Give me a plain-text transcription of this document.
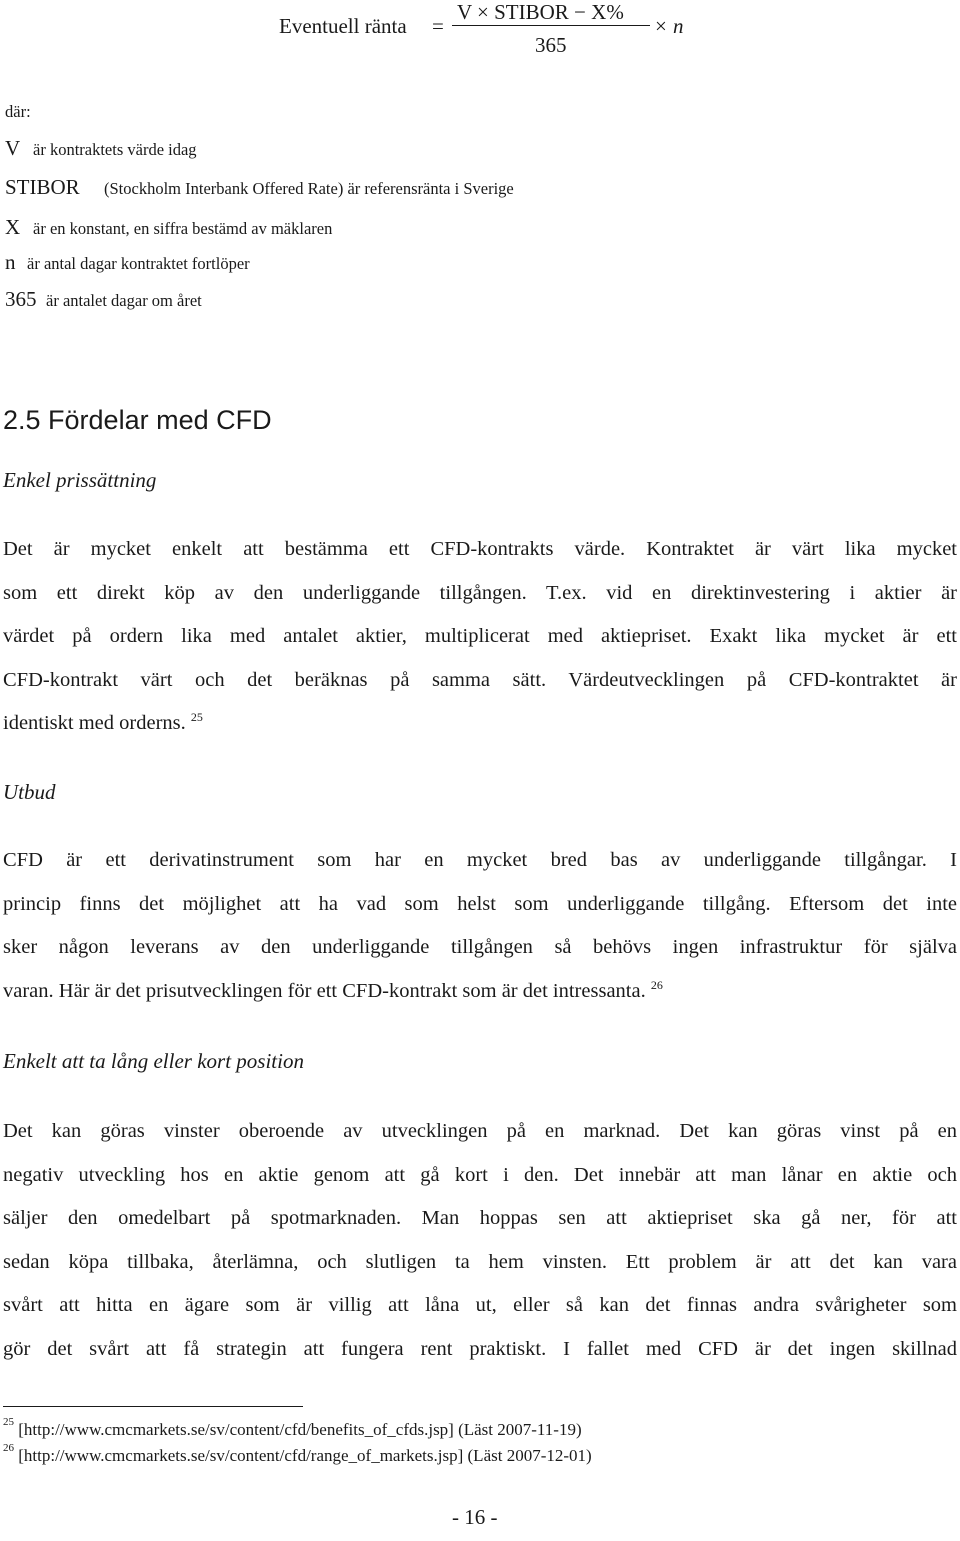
Eventuell ränta =
V × STIBOR − X%
365
× n
där:
V är kontraktets värde idag
STIBOR (Stockholm Interbank Offered Rate) är referensränta i Sverige
X är en konstant, en siffra bestämd av mäklaren
n är antal dagar kontraktet fortlöper
365 är antalet dagar om året
2.5 Fördelar med CFD
Enkel prissättning
Det är mycket enkelt att bestämma ett CFD-kontrakts värde. Kontraktet är värt lika mycket
som ett direkt köp av den underliggande tillgången. T.ex. vid en direktinvestering i aktier är
värdet på ordern lika med antalet aktier, multiplicerat med aktiepriset. Exakt lika mycket är ett
CFD-kontrakt värt och det beräknas på samma sätt. Värdeutvecklingen på CFD-kontraktet är
identiskt med orderns. $^{25}$
Utbud
CFD är ett derivatinstrument som har en mycket bred bas av underliggande tillgångar. I
princip finns det möjlighet att ha vad som helst som underliggande tillgång. Eftersom det inte
sker någon leverans av den underliggande tillgången så behövs ingen infrastruktur för själva
varan. Här är det prisutvecklingen för ett CFD-kontrakt som är det intressanta. $^{26}$
Enkelt att ta lång eller kort position
Det kan göras vinster oberoende av utvecklingen på en marknad. Det kan göras vinst på en
negativ utveckling hos en aktie genom att gå kort i den. Det innebär att man lånar en aktie och
säljer den omedelbart på spotmarknaden. Man hoppas sen att aktiepriset ska gå ner, för att
sedan köpa tillbaka, återlämna, och slutligen ta hem vinsten. Ett problem är att det kan vara
svårt att hitta en ägare som är villig att låna ut, eller så kan det finnas andra svårigheter som
gör det svårt att få strategin att fungera rent praktiskt. I fallet med CFD är det ingen skillnad
$^{25}$ [http://www.cmcmarkets.se/sv/content/cfd/benefits_of_cfds.jsp] (Läst 2007-11-19)
$^{26}$ [http://www.cmcmarkets.se/sv/content/cfd/range_of_markets.jsp] (Läst 2007-12-01)
- 16 -
